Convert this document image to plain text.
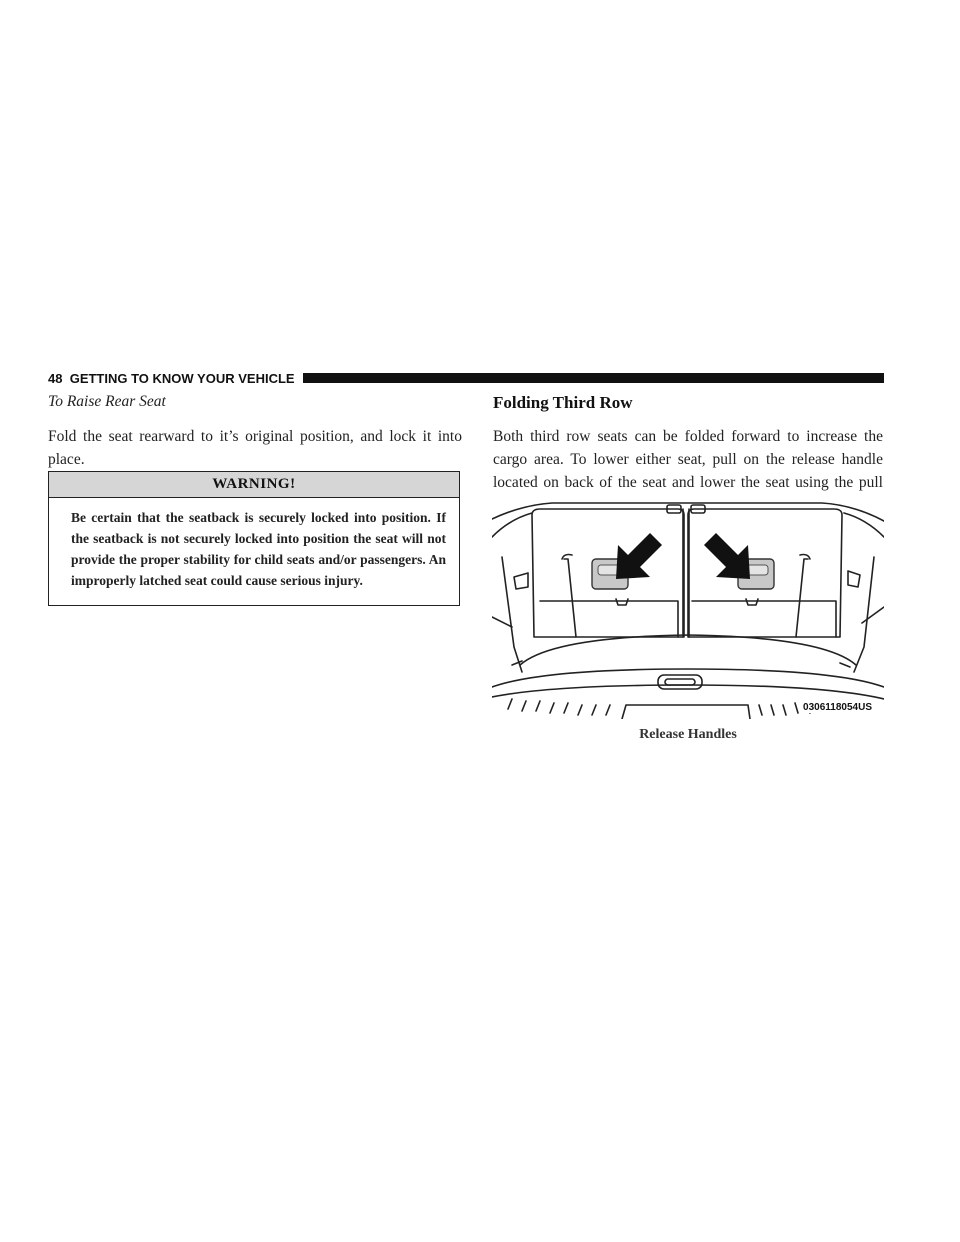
48 GETTING TO KNOW YOUR VEHICLE

To Raise Rear Seat

Fold the seat rearward to it’s original position, and lock it into place.

WARNING!
Be certain that the seatback is securely locked into position. If the seatback is not securely locked into position the seat will not provide the proper stability for child seats and/or passengers. An improperly latched seat could cause serious injury.

Folding Third Row

Both third row seats can be folded forward to increase the cargo area. To lower either seat, pull on the release handle located on back of the seat and lower the seat using the pull

0306118054US
Release Handles
